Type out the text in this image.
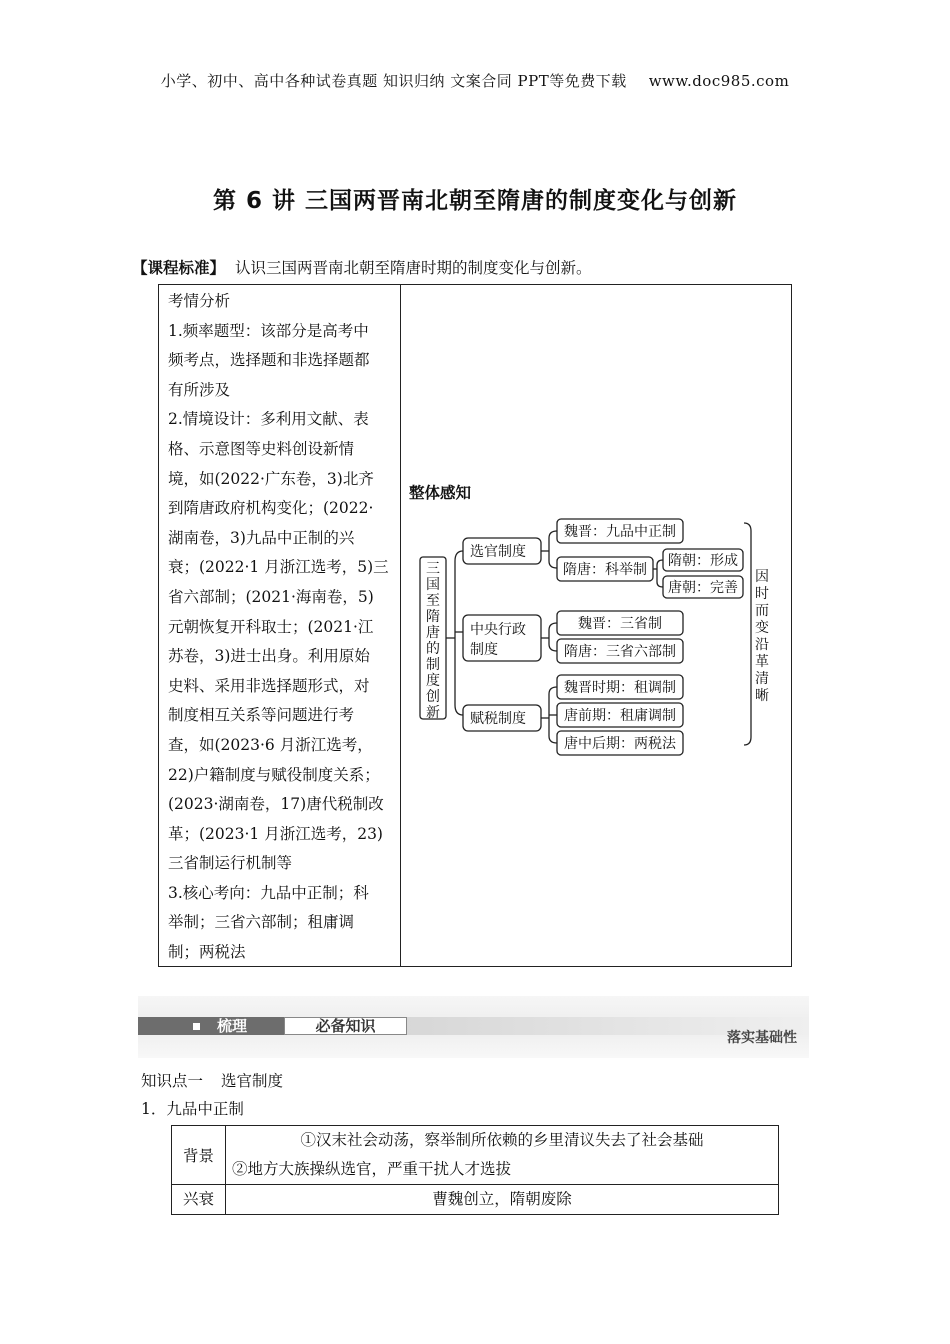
小学、初中、高中各种试卷真题 知识归纳 文案合同 PPT等免费下载 www.doc985.com
第 6 讲 三国两晋南北朝至隋唐的制度变化与创新
【课程标准】 认识三国两晋南北朝至隋唐时期的制度变化与创新。
考情分析
1.频率题型：该部分是高考中
频考点，选择题和非选择题都
有所涉及
2.情境设计：多利用文献、表
格、示意图等史料创设新情
境，如(2022·广东卷，3)北齐
到隋唐政府机构变化；(2022·
湖南卷，3)九品中正制的兴
衰；(2022·1 月浙江选考，5)三
省六部制；(2021·海南卷，5)
元朝恢复开科取士；(2021·江
苏卷，3)进士出身。利用原始
史料、采用非选择题形式，对
制度相互关系等问题进行考
查，如(2023·6 月浙江选考，
22)户籍制度与赋役制度关系；
(2023·湖南卷，17)唐代税制改
革；(2023·1 月浙江选考，23)
三省制运行机制等
3.核心考向：九品中正制；科
举制；三省六部制；租庸调
制；两税法
整体感知
三
国
至
隋
唐
的
制
度
创
新
选官制度
中央行政
制度
赋税制度
魏晋：九品中正制
隋唐：科举制
魏晋：三省制
隋唐：三省六部制
魏晋时期：租调制
唐前期：租庸调制
唐中后期：两税法
隋朝：形成
唐朝：完善
因
时
而
变
沿
革
清
晰
梳理	必备知识
落实基础性
知识点一 选官制度
1．九品中正制
背景	①汉末社会动荡，察举制所依赖的乡里清议失去了社会基础
②地方大族操纵选官，严重干扰人才选拔

兴衰	曹魏创立，隋朝废除
